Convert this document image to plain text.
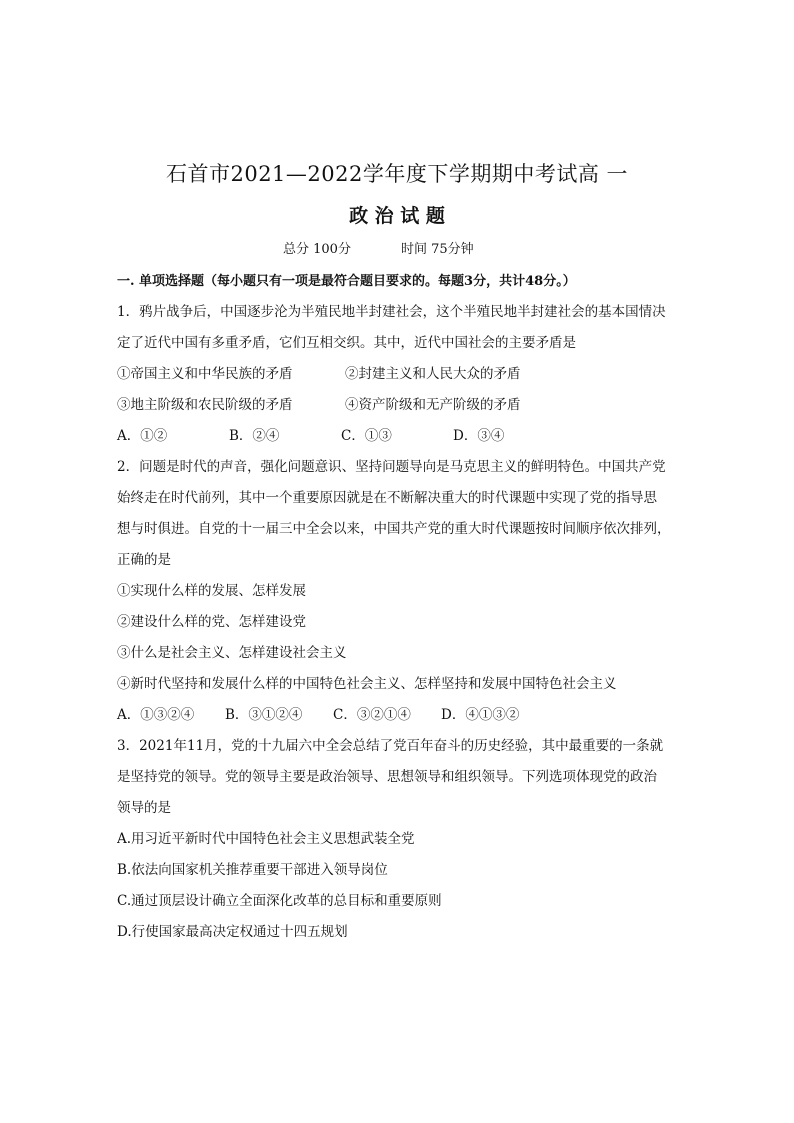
石首市2021—2022学年度下学期期中考试高 一
政 治 试 题
总分 100分	时间 75分钟
一. 单项选择题（每小题只有一项是最符合题目要求的。每题3分，共计48分。）
1．鸦片战争后，中国逐步沦为半殖民地半封建社会，这个半殖民地半封建社会的基本国情决
定了近代中国有多重矛盾，它们互相交织。其中，近代中国社会的主要矛盾是
①帝国主义和中华民族的矛盾	②封建主义和人民大众的矛盾
③地主阶级和农民阶级的矛盾	④资产阶级和无产阶级的矛盾
A．①②	B．②④	C．①③	D．③④
2．问题是时代的声音，强化问题意识、坚持问题导向是马克思主义的鲜明特色。中国共产党
始终走在时代前列，其中一个重要原因就是在不断解决重大的时代课题中实现了党的指导思
想与时俱进。自党的十一届三中全会以来，中国共产党的重大时代课题按时间顺序依次排列，
正确的是
①实现什么样的发展、怎样发展
②建设什么样的党、怎样建设党
③什么是社会主义、怎样建设社会主义
④新时代坚持和发展什么样的中国特色社会主义、怎样坚持和发展中国特色社会主义
A．①③②④ B．③①②④ C．③②①④ D．④①③②
3．2021年11月，党的十九届六中全会总结了党百年奋斗的历史经验，其中最重要的一条就
是坚持党的领导。党的领导主要是政治领导、思想领导和组织领导。下列选项体现党的政治
领导的是
A.用习近平新时代中国特色社会主义思想武装全党
B.依法向国家机关推荐重要干部进入领导岗位
C.通过顶层设计确立全面深化改革的总目标和重要原则
D.行使国家最高决定权通过十四五规划
